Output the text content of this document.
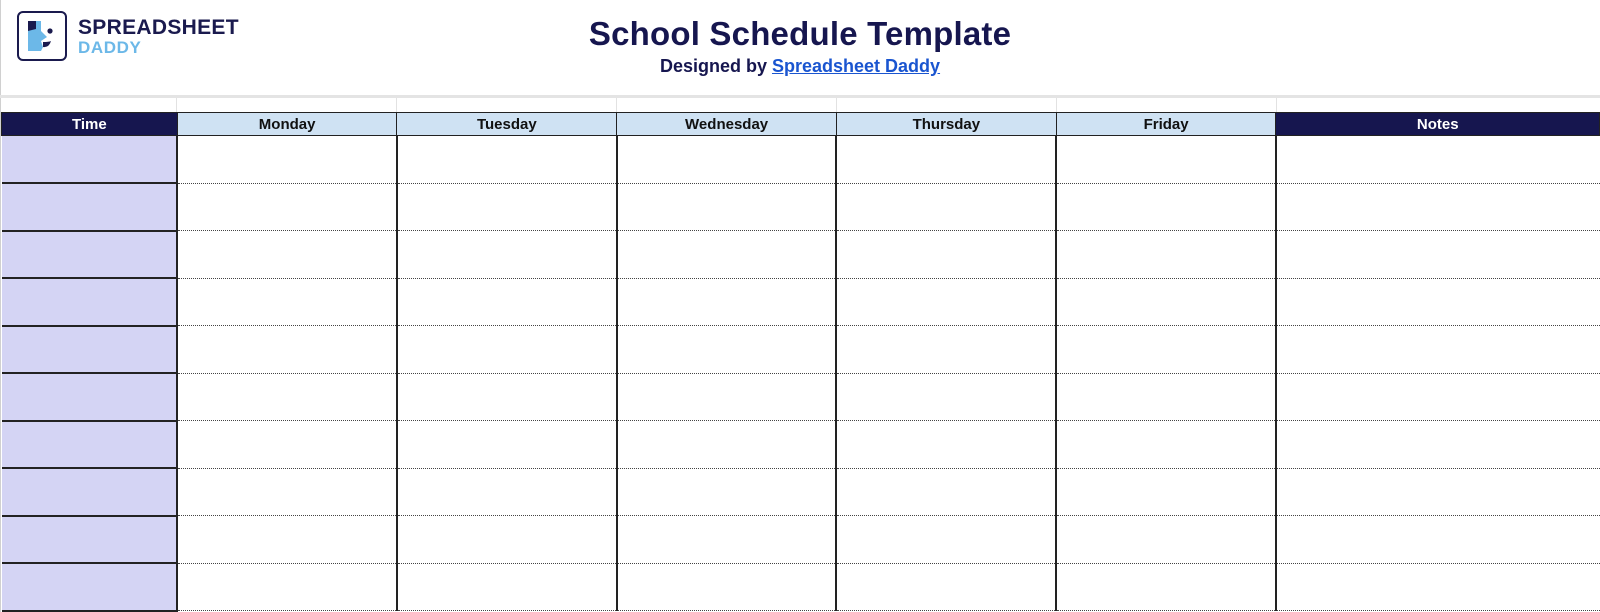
SPREADSHEET
DADDY	School Schedule Template
Designed by Spreadsheet Daddy
Time	Monday	Tuesday	Wednesday	Thursday	Friday	Notes
